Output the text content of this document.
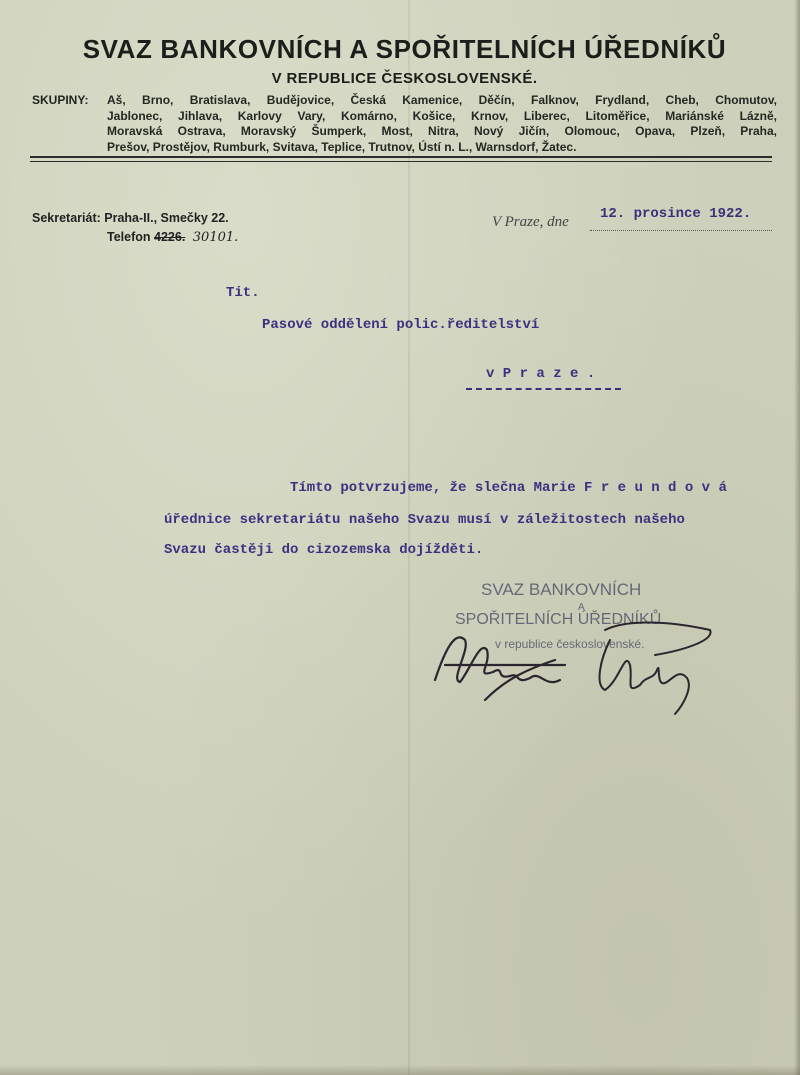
SVAZ BANKOVNÍCH A SPOŘITELNÍCH ÚŘEDNÍKŮ
V REPUBLICE ČESKOSLOVENSKÉ.
SKUPINY: Aš, Brno, Bratislava, Budějovice, Česká Kamenice, Děčín, Falknov, Frydland, Cheb, Chomutov,
Jablonec, Jihlava, Karlovy Vary, Komárno, Košice, Krnov, Liberec, Litoměřice, Mariánské Lázně,
Moravská Ostrava, Moravský Šumperk, Most, Nitra, Nový Jičín, Olomouc, Opava, Plzeň, Praha,
Prešov, Prostějov, Rumburk, Svitava, Teplice, Trutnov, Ústí n. L., Warnsdorf, Žatec.
Sekretariát: Praha-II., Smečky 22.
Telefon 4226. 30101.
V Praze, dne 12. prosince 1922.
Tit.
Pasové oddělení polic.ředitelství
v P r a z e .
Tímto potvrzujeme, že slečna Marie F r e u n d o v á
úřednice sekretariátu našeho Svazu musí v záležitostech našeho
Svazu častěji do cizozemska dojížděti.
SVAZ BANKOVNÍCH
A
SPOŘITELNÍCH ÚŘEDNÍKŮ
v republice československé.
